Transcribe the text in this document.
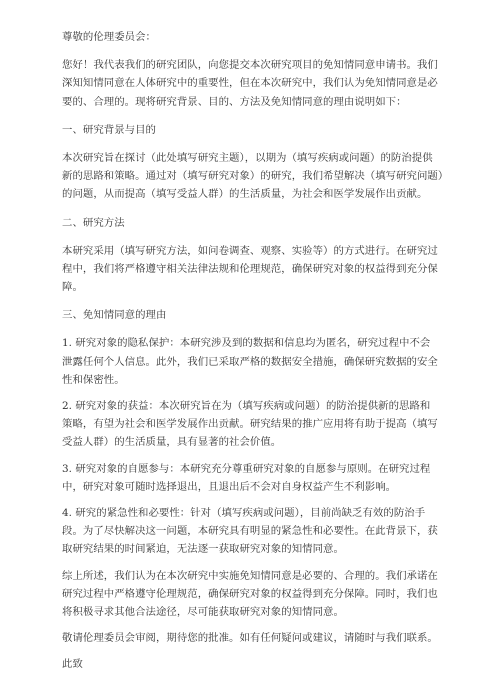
尊敬的伦理委员会：
您好！我代表我们的研究团队，向您提交本次研究项目的免知情同意申请书。我们
深知知情同意在人体研究中的重要性，但在本次研究中，我们认为免知情同意是必
要的、合理的。现将研究背景、目的、方法及免知情同意的理由说明如下：
一、研究背景与目的
本次研究旨在探讨（此处填写研究主题），以期为（填写疾病或问题）的防治提供
新的思路和策略。通过对（填写研究对象）的研究，我们希望解决（填写研究问题）
的问题，从而提高（填写受益人群）的生活质量，为社会和医学发展作出贡献。
二、研究方法
本研究采用（填写研究方法，如问卷调查、观察、实验等）的方式进行。在研究过
程中，我们将严格遵守相关法律法规和伦理规范，确保研究对象的权益得到充分保
障。
三、免知情同意的理由
1. 研究对象的隐私保护：本研究涉及到的数据和信息均为匿名，研究过程中不会
泄露任何个人信息。此外，我们已采取严格的数据安全措施，确保研究数据的安全
性和保密性。
2. 研究对象的获益：本次研究旨在为（填写疾病或问题）的防治提供新的思路和
策略，有望为社会和医学发展作出贡献。研究结果的推广应用将有助于提高（填写
受益人群）的生活质量，具有显著的社会价值。
3. 研究对象的自愿参与：本研究充分尊重研究对象的自愿参与原则。在研究过程
中，研究对象可随时选择退出，且退出后不会对自身权益产生不利影响。
4. 研究的紧急性和必要性：针对（填写疾病或问题），目前尚缺乏有效的防治手
段。为了尽快解决这一问题，本研究具有明显的紧急性和必要性。在此背景下，获
取研究结果的时间紧迫，无法逐一获取研究对象的知情同意。
综上所述，我们认为在本次研究中实施免知情同意是必要的、合理的。我们承诺在
研究过程中严格遵守伦理规范，确保研究对象的权益得到充分保障。同时，我们也
将积极寻求其他合法途径，尽可能获取研究对象的知情同意。
敬请伦理委员会审阅，期待您的批准。如有任何疑问或建议，请随时与我们联系。
此致
